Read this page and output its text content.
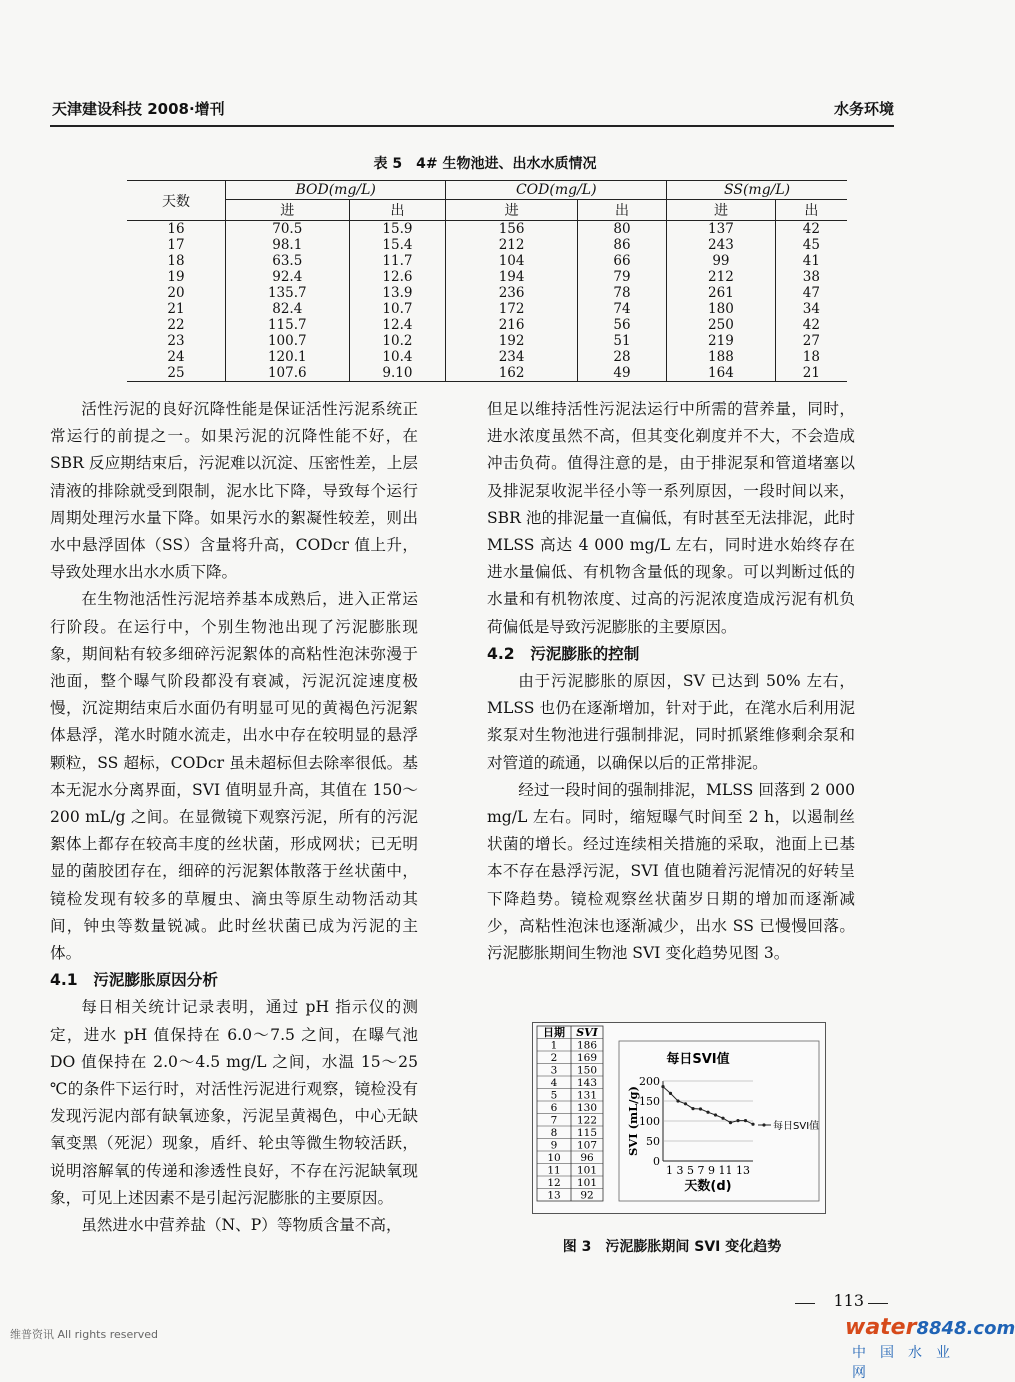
天津建设科技 2008·增刊	水务环境
表 5　4# 生物池进、出水水质情况
天数	BOD(mg/L)		COD(mg/L)		SS(mg/L)	
	进	出	进	出	进	出
16	70.5	15.9	156	80	137	42
17	98.1	15.4	212	86	243	45
18	63.5	11.7	104	66	99	41
19	92.4	12.6	194	79	212	38
20	135.7	13.9	236	78	261	47
21	82.4	10.7	172	74	180	34
22	115.7	12.4	216	56	250	42
23	100.7	10.2	192	51	219	27
24	120.1	10.4	234	28	188	18
25	107.6	9.10	162	49	164	21

活性污泥的良好沉降性能是保证活性污泥系统正常运行的前提之一。如果污泥的沉降性能不好，在 SBR 反应期结束后，污泥难以沉淀、压密性差，上层清液的排除就受到限制，泥水比下降，导致每个运行周期处理污水量下降。如果污水的絮凝性较差，则出水中悬浮固体（SS）含量将升高，CODcr 值上升，导致处理水出水水质下降。

在生物池活性污泥培养基本成熟后，进入正常运行阶段。在运行中，个别生物池出现了污泥膨胀现象，期间粘有较多细碎污泥絮体的高粘性泡沫弥漫于池面，整个曝气阶段都没有衰减，污泥沉淀速度极慢，沉淀期结束后水面仍有明显可见的黄褐色污泥絮体悬浮，滗水时随水流走，出水中存在较明显的悬浮颗粒，SS 超标，CODcr 虽未超标但去除率很低。基本无泥水分离界面，SVI 值明显升高，其值在 150～200 mL/g 之间。在显微镜下观察污泥，所有的污泥絮体上都存在较高丰度的丝状菌，形成网状；已无明显的菌胶团存在，细碎的污泥絮体散落于丝状菌中，镜检发现有较多的草履虫、滴虫等原生动物活动其间，钟虫等数量锐减。此时丝状菌已成为污泥的主体。

4.1　污泥膨胀原因分析

每日相关统计记录表明，通过 pH 指示仪的测定，进水 pH 值保持在 6.0～7.5 之间，在曝气池 DO 值保持在 2.0～4.5 mg/L 之间，水温 15～25 ℃的条件下运行时，对活性污泥进行观察，镜检没有发现污泥内部有缺氧迹象，污泥呈黄褐色，中心无缺氧变黑（死泥）现象，盾纤、轮虫等微生物较活跃，说明溶解氧的传递和渗透性良好，不存在污泥缺氧现象，可见上述因素不是引起污泥膨胀的主要原因。

虽然进水中营养盐（N、P）等物质含量不高，

但足以维持活性污泥法运行中所需的营养量，同时，进水浓度虽然不高，但其变化剃度并不大，不会造成冲击负荷。值得注意的是，由于排泥泵和管道堵塞以及排泥泵收泥半径小等一系列原因，一段时间以来，SBR 池的排泥量一直偏低，有时甚至无法排泥，此时 MLSS 高达 4 000 mg/L 左右，同时进水始终存在进水量偏低、有机物含量低的现象。可以判断过低的水量和有机物浓度、过高的污泥浓度造成污泥有机负荷偏低是导致污泥膨胀的主要原因。

4.2　污泥膨胀的控制

由于污泥膨胀的原因，SV 已达到 50% 左右，MLSS 也仍在逐渐增加，针对于此，在滗水后利用泥浆泵对生物池进行强制排泥，同时抓紧维修剩余泵和对管道的疏通，以确保以后的正常排泥。

经过一段时间的强制排泥，MLSS 回落到 2 000 mg/L 左右。同时，缩短曝气时间至 2 h，以遏制丝状菌的增长。经过连续相关措施的采取，池面上已基本不存在悬浮污泥，SVI 值也随着污泥情况的好转呈下降趋势。镜检观察丝状菌岁日期的增加而逐渐减少，高粘性泡沫也逐渐减少，出水 SS 已慢慢回落。污泥膨胀期间生物池 SVI 变化趋势见图 3。

日期 SVI
1 186
2 169
3 150
4 143
5 131
6 130
7 122
8 115
9 107
10 96
11 101
12 101
13 92
每日SVI值
200
150
100
50
0
SVI (mL/g)
1 3 5 7 9 11 13
天数(d)
每日SVI值
图 3　污泥膨胀期间 SVI 变化趋势
113
维普资讯 All rights reserved	water8848.com
中国水业网
